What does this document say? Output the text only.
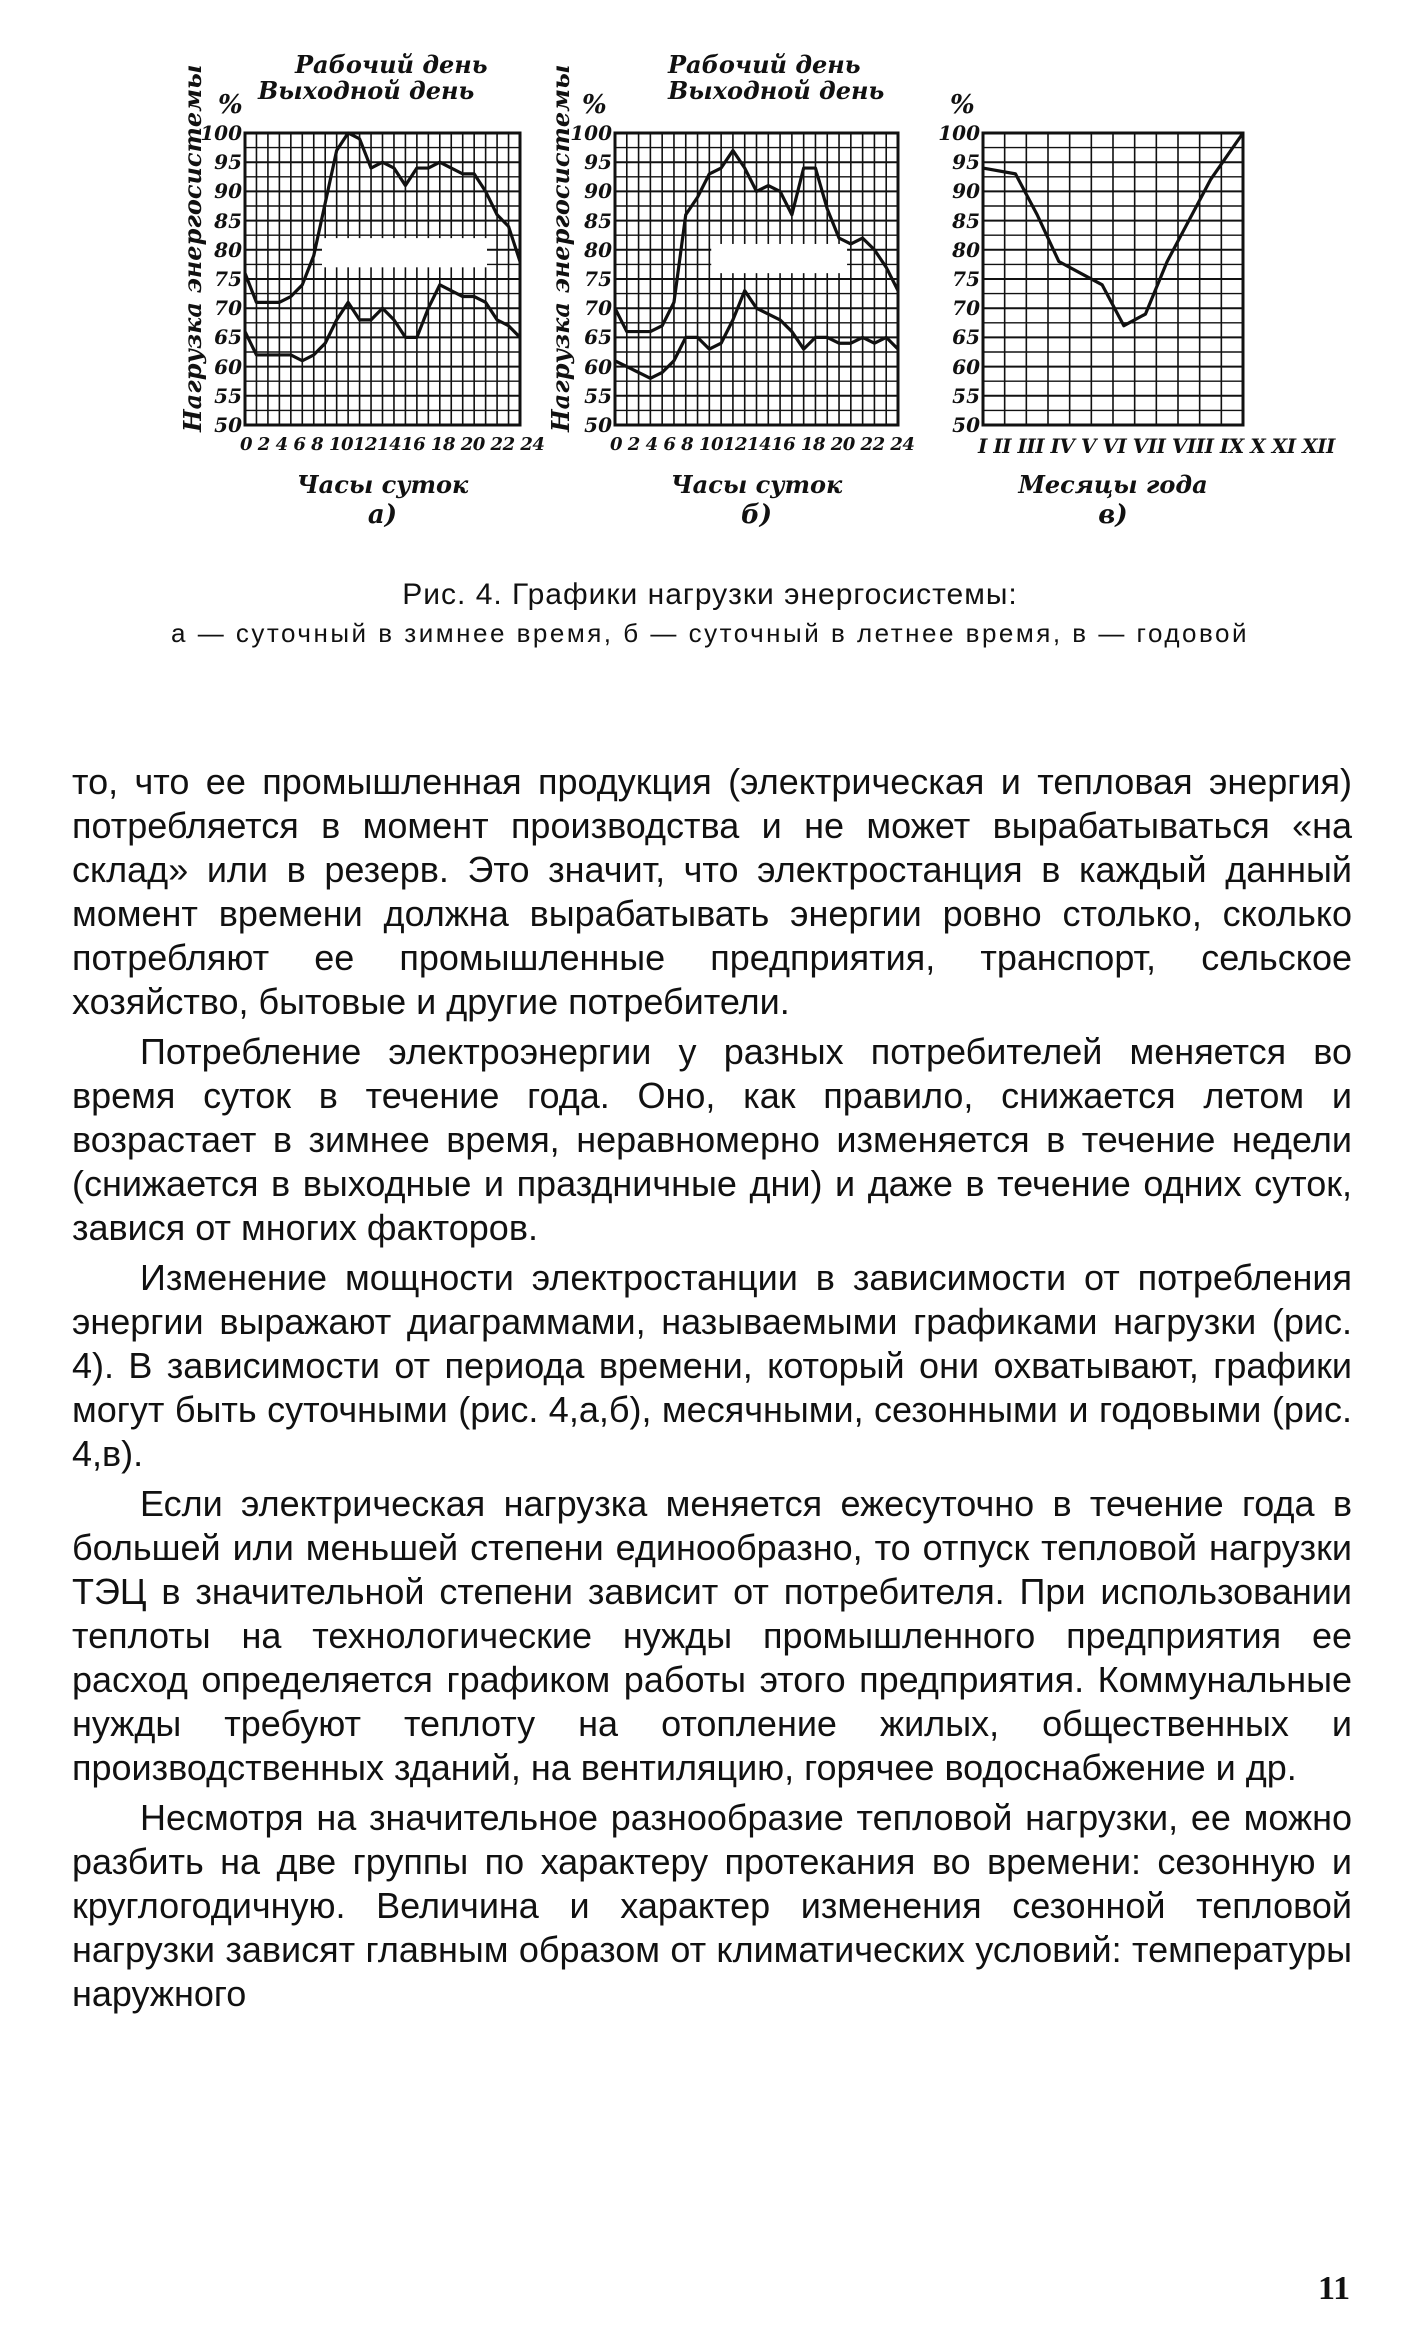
Рабочий день
Выходной день
%
Нагрузка энергосистемы
100
95
90
85
80
75
70
65
60
55
50
0 2 4 6 8 10121416 18 20 22 24
Часы суток
а)
Рабочий день
Выходной день
%
Нагрузка энергосистемы
100
95
90
85
80
75
70
65
60
55
50
0 2 4 6 8 10121416 18 20 22 24
Часы суток
б)
%
100
95
90
85
80
75
70
65
60
55
50
I II III IV V VI VII VIII IX X XI XII
Месяцы года
в)
Рис. 4. Графики нагрузки энергосистемы:
а — суточный в зимнее время, б — суточный в летнее время, в — годовой

то, что ее промышленная продукция (электрическая и тепловая энергия) потребляется в момент производства и не может вырабатываться «на склад» или в резерв. Это значит, что электростанция в каждый данный момент времени должна вырабатывать энергии ровно столько, сколько потребляют ее промышленные предприятия, транспорт, сельское хозяйство, бытовые и другие потребители.

Потребление электроэнергии у разных потребителей меняется во время суток в течение года. Оно, как правило, снижается летом и возрастает в зимнее время, неравномерно изменяется в течение недели (снижается в выходные и праздничные дни) и даже в течение одних суток, завися от многих факторов.

Изменение мощности электростанции в зависимости от потребления энергии выражают диаграммами, называемыми графиками нагрузки (рис. 4). В зависимости от периода времени, который они охватывают, графики могут быть суточными (рис. 4,а,б), месячными, сезонными и годовыми (рис. 4,в).

Если электрическая нагрузка меняется ежесуточно в течение года в большей или меньшей степени единообразно, то отпуск тепловой нагрузки ТЭЦ в значительной степени зависит от потребителя. При использовании теплоты на технологические нужды промышленного предприятия ее расход определяется графиком работы этого предприятия. Коммунальные нужды требуют теплоту на отопление жилых, общественных и производственных зданий, на вентиляцию, горячее водоснабжение и др.

Несмотря на значительное разнообразие тепловой нагрузки, ее можно разбить на две группы по характеру протекания во времени: сезонную и круглогодичную. Величина и характер изменения сезонной тепловой нагрузки зависят главным образом от климатических условий: температуры наружного

11
